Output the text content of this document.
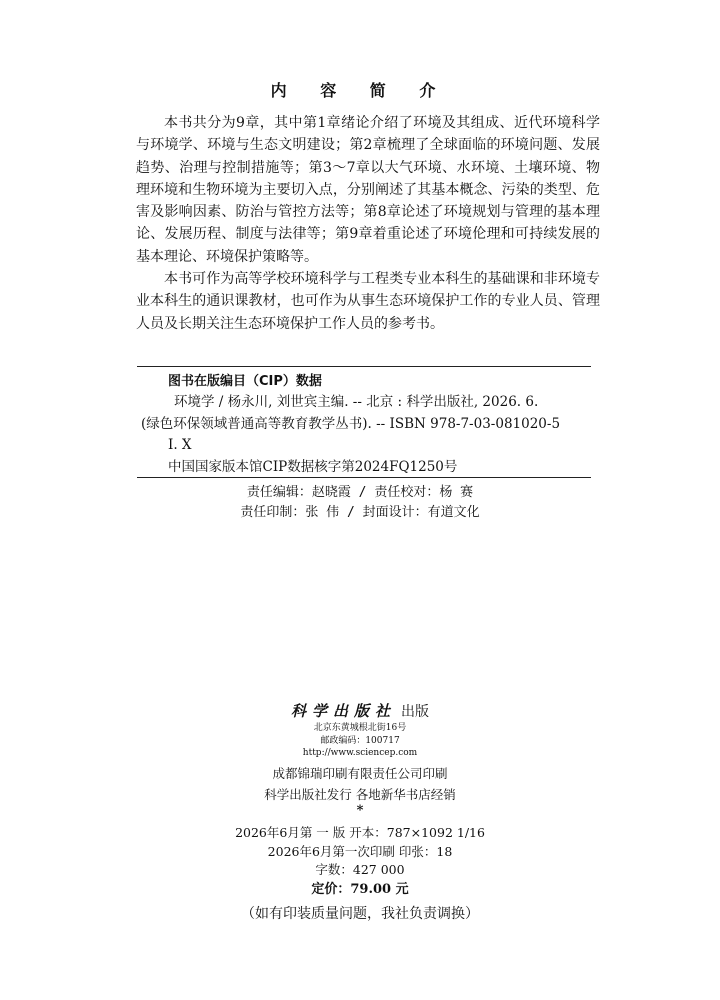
内 容 简 介

本书共分为9章，其中第1章绪论介绍了环境及其组成、近代环境科学与环境学、环境与生态文明建设；第2章梳理了全球面临的环境问题、发展趋势、治理与控制措施等；第3～7章以大气环境、水环境、土壤环境、物理环境和生物环境为主要切入点，分别阐述了其基本概念、污染的类型、危害及影响因素、防治与管控方法等；第8章论述了环境规划与管理的基本理论、发展历程、制度与法律等；第9章着重论述了环境伦理和可持续发展的基本理论、环境保护策略等。

本书可作为高等学校环境科学与工程类专业本科生的基础课和非环境专业本科生的通识课教材，也可作为从事生态环境保护工作的专业人员、管理人员及长期关注生态环境保护工作人员的参考书。

图书在版编目（CIP）数据
环境学 / 杨永川, 刘世宾主编. -- 北京 : 科学出版社, 2026. 6.
(绿色环保领域普通高等教育教学丛书). -- ISBN 978-7-03-081020-5
Ⅰ. X
中国国家版本馆CIP数据核字第2024FQ1250号
责任编辑：赵晓霞 / 责任校对：杨 赛
责任印制：张 伟 / 封面设计：有道文化
科学出版社 出版
北京东黄城根北街16号
邮政编码：100717
http://www.sciencep.com
成都锦瑞印刷有限责任公司印刷
科学出版社发行 各地新华书店经销
*
2026年6月第 一 版 开本：787×1092 1/16
2026年6月第一次印刷 印张：18
字数：427 000
定价：79.00 元
（如有印装质量问题，我社负责调换）
